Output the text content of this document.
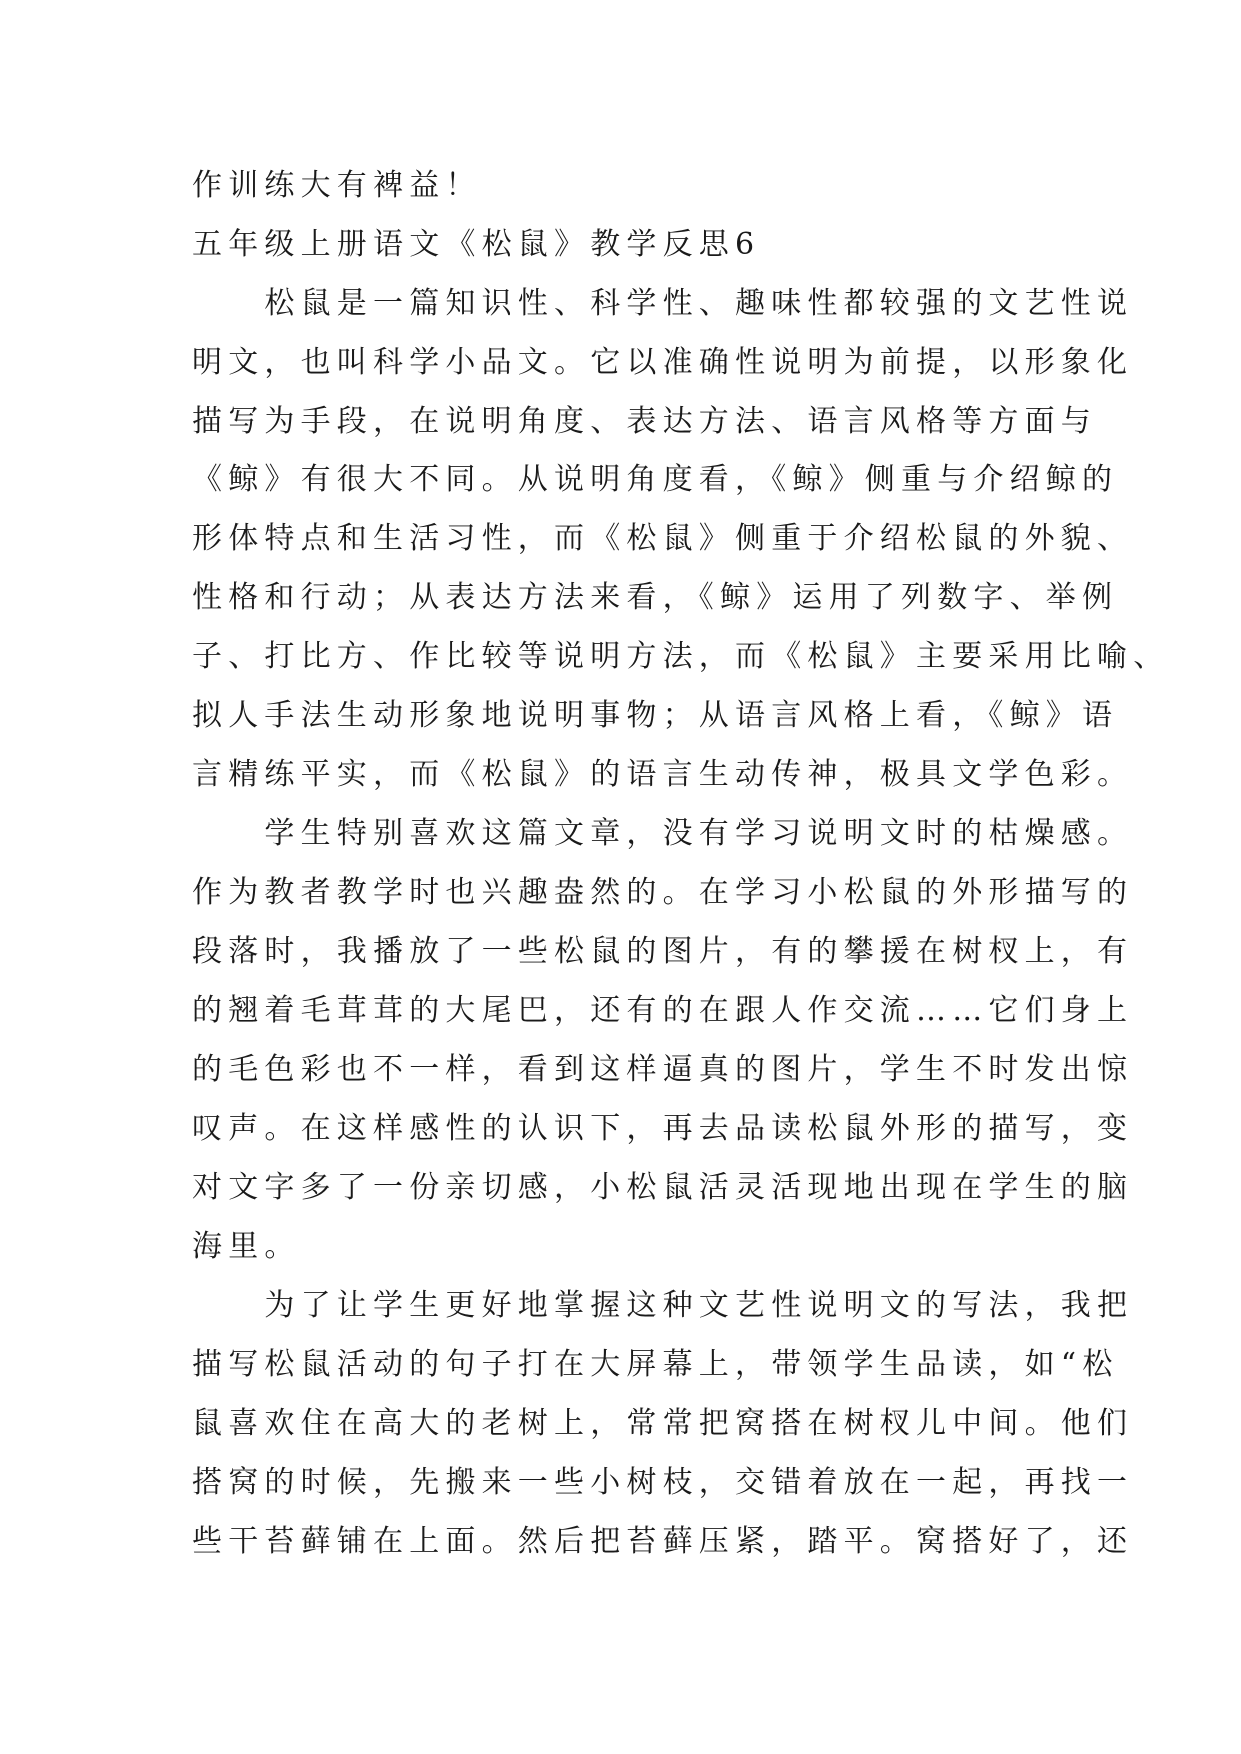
作训练大有裨益！
五年级上册语文《松鼠》教学反思6
　　松鼠是一篇知识性、科学性、趣味性都较强的文艺性说
明文，也叫科学小品文。它以准确性说明为前提，以形象化
描写为手段，在说明角度、表达方法、语言风格等方面与
《鲸》有很大不同。从说明角度看，《鲸》侧重与介绍鲸的
形体特点和生活习性，而《松鼠》侧重于介绍松鼠的外貌、
性格和行动；从表达方法来看，《鲸》运用了列数字、举例
子、打比方、作比较等说明方法，而《松鼠》主要采用比喻、
拟人手法生动形象地说明事物；从语言风格上看，《鲸》语
言精练平实，而《松鼠》的语言生动传神，极具文学色彩。
　　学生特别喜欢这篇文章，没有学习说明文时的枯燥感。
作为教者教学时也兴趣盎然的。在学习小松鼠的外形描写的
段落时，我播放了一些松鼠的图片，有的攀援在树杈上，有
的翘着毛茸茸的大尾巴，还有的在跟人作交流……它们身上
的毛色彩也不一样，看到这样逼真的图片，学生不时发出惊
叹声。在这样感性的认识下，再去品读松鼠外形的描写，变
对文字多了一份亲切感，小松鼠活灵活现地出现在学生的脑
海里。
　　为了让学生更好地掌握这种文艺性说明文的写法，我把
描写松鼠活动的句子打在大屏幕上，带领学生品读，如“松
鼠喜欢住在高大的老树上，常常把窝搭在树杈儿中间。他们
搭窝的时候，先搬来一些小树枝，交错着放在一起，再找一
些干苔藓铺在上面。然后把苔藓压紧，踏平。窝搭好了，还
